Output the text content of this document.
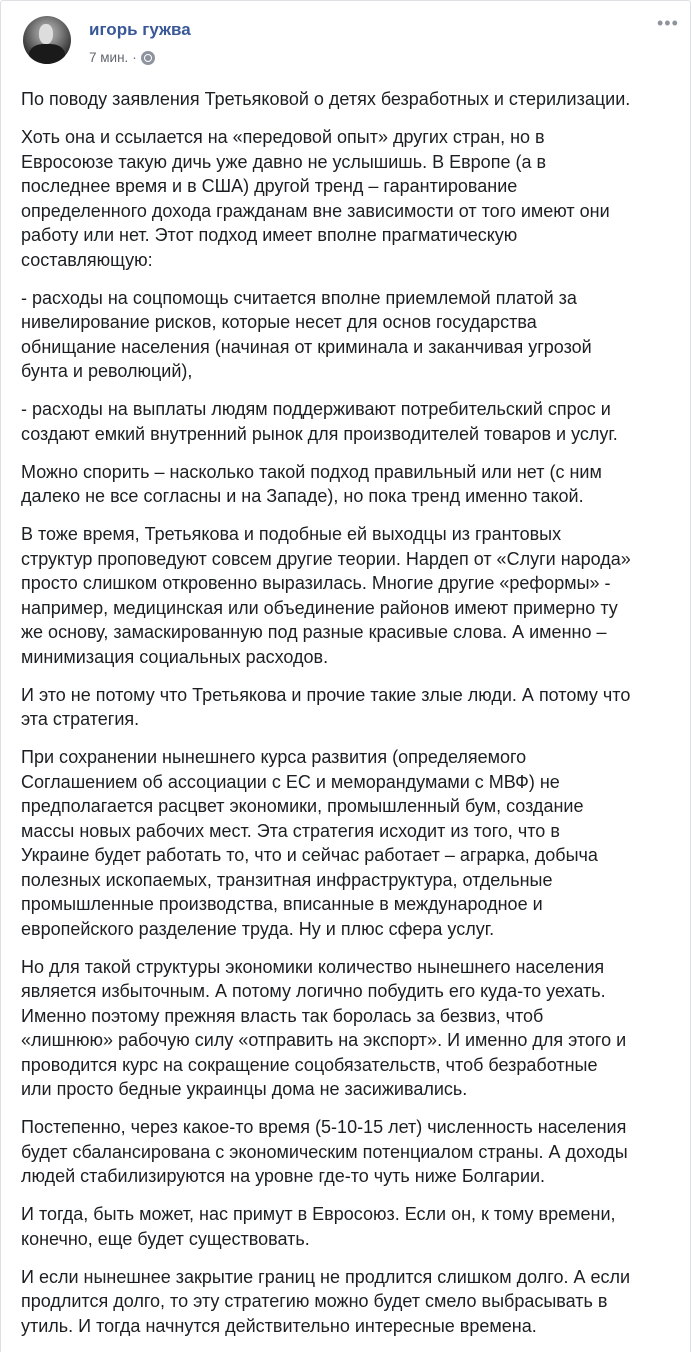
игорь гужва
7 мин. ·
•••
По поводу заявления Третьяковой о детях безработных и стерилизации.
Хоть она и ссылается на «передовой опыт» других стран, но в
Евросоюзе такую дичь уже давно не услышишь. В Европе (а в
последнее время и в США) другой тренд – гарантирование
определенного дохода гражданам вне зависимости от того имеют они
работу или нет. Этот подход имеет вполне прагматическую
составляющую:
- расходы на соцпомощь считается вполне приемлемой платой за
нивелирование рисков, которые несет для основ государства
обнищание населения (начиная от криминала и заканчивая угрозой
бунта и революций),
- расходы на выплаты людям поддерживают потребительский спрос и
создают емкий внутренний рынок для производителей товаров и услуг.
Можно спорить – насколько такой подход правильный или нет (с ним
далеко не все согласны и на Западе), но пока тренд именно такой.
В тоже время, Третьякова и подобные ей выходцы из грантовых
структур проповедуют совсем другие теории. Нардеп от «Слуги народа»
просто слишком откровенно выразилась. Многие другие «реформы» -
например, медицинская или объединение районов имеют примерно ту
же основу, замаскированную под разные красивые слова. А именно –
минимизация социальных расходов.
И это не потому что Третьякова и прочие такие злые люди. А потому что
эта стратегия.
При сохранении нынешнего курса развития (определяемого
Соглашением об ассоциации с ЕС и меморандумами с МВФ) не
предполагается расцвет экономики, промышленный бум, создание
массы новых рабочих мест. Эта стратегия исходит из того, что в
Украине будет работать то, что и сейчас работает – аграрка, добыча
полезных ископаемых, транзитная инфраструктура, отдельные
промышленные производства, вписанные в международное и
европейского разделение труда. Ну и плюс сфера услуг.
Но для такой структуры экономики количество нынешнего населения
является избыточным. А потому логично побудить его куда-то уехать.
Именно поэтому прежняя власть так боролась за безвиз, чтоб
«лишнюю» рабочую силу «отправить на экспорт». И именно для этого и
проводится курс на сокращение соцобязательств, чтоб безработные
или просто бедные украинцы дома не засиживались.
Постепенно, через какое-то время (5-10-15 лет) численность населения
будет сбалансирована с экономическим потенциалом страны. А доходы
людей стабилизируются на уровне где-то чуть ниже Болгарии.
И тогда, быть может, нас примут в Евросоюз. Если он, к тому времени,
конечно, еще будет существовать.
И если нынешнее закрытие границ не продлится слишком долго. А если
продлится долго, то эту стратегию можно будет смело выбрасывать в
утиль. И тогда начнутся действительно интересные времена.
